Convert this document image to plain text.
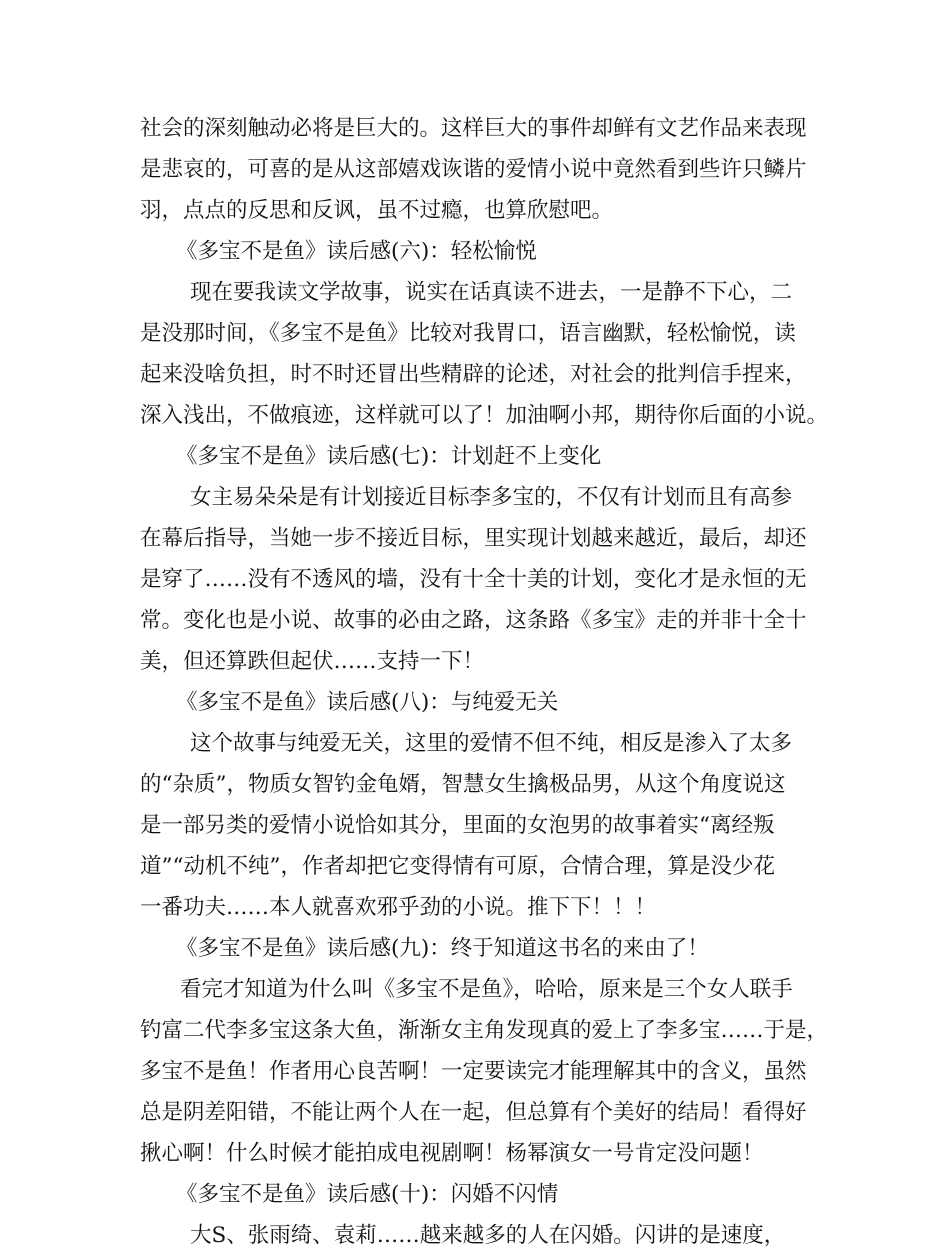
社会的深刻触动必将是巨大的。这样巨大的事件却鲜有文艺作品来表现
是悲哀的，可喜的是从这部嬉戏诙谐的爱情小说中竟然看到些许只鳞片
羽，点点的反思和反讽，虽不过瘾，也算欣慰吧。
《多宝不是鱼》读后感(六)：轻松愉悦
现在要我读文学故事，说实在话真读不进去，一是静不下心，二
是没那时间，《多宝不是鱼》比较对我胃口，语言幽默，轻松愉悦，读
起来没啥负担，时不时还冒出些精辟的论述，对社会的批判信手捏来，
深入浅出，不做痕迹，这样就可以了！加油啊小邦，期待你后面的小说。
《多宝不是鱼》读后感(七)：计划赶不上变化
女主易朵朵是有计划接近目标李多宝的，不仅有计划而且有高参
在幕后指导，当她一步不接近目标，里实现计划越来越近，最后，却还
是穿了……没有不透风的墙，没有十全十美的计划，变化才是永恒的无
常。变化也是小说、故事的必由之路，这条路《多宝》走的并非十全十
美，但还算跌但起伏……支持一下！
《多宝不是鱼》读后感(八)：与纯爱无关
这个故事与纯爱无关，这里的爱情不但不纯，相反是渗入了太多
的“杂质”，物质女智钓金龟婿，智慧女生擒极品男，从这个角度说这
是一部另类的爱情小说恰如其分，里面的女泡男的故事着实“离经叛
道”“动机不纯”，作者却把它变得情有可原，合情合理，算是没少花
一番功夫……本人就喜欢邪乎劲的小说。推下下！！！
《多宝不是鱼》读后感(九)：终于知道这书名的来由了！
看完才知道为什么叫《多宝不是鱼》，哈哈，原来是三个女人联手
钓富二代李多宝这条大鱼，渐渐女主角发现真的爱上了李多宝……于是，
多宝不是鱼！作者用心良苦啊！一定要读完才能理解其中的含义，虽然
总是阴差阳错，不能让两个人在一起，但总算有个美好的结局！看得好
揪心啊！什么时候才能拍成电视剧啊！杨幂演女一号肯定没问题！
《多宝不是鱼》读后感(十)：闪婚不闪情
大S、张雨绮、袁莉……越来越多的人在闪婚。闪讲的是速度，
